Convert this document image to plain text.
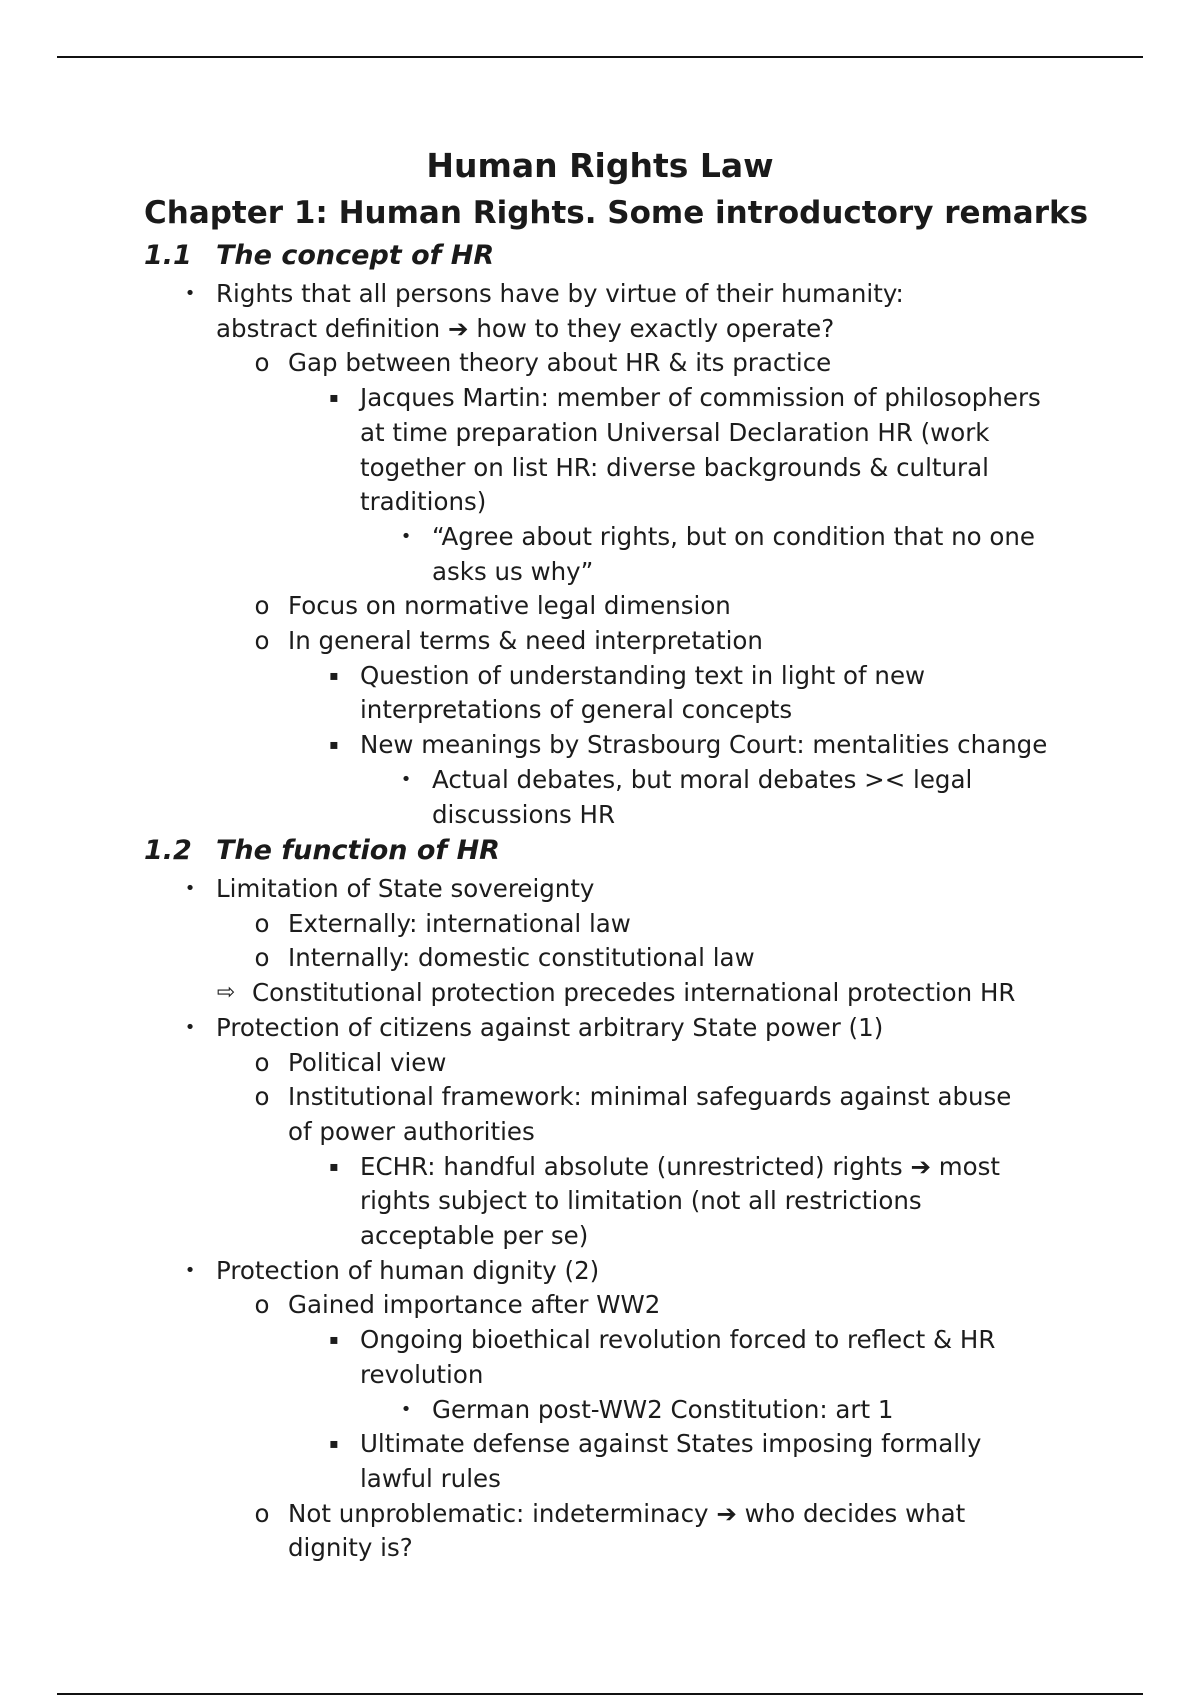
Human Rights Law
Chapter 1: Human Rights. Some introductory remarks
1.1 The concept of HR
• Rights that all persons have by virtue of their humanity: abstract definition ➔ how to they exactly operate?
o Gap between theory about HR & its practice
▪ Jacques Martin: member of commission of philosophers at time preparation Universal Declaration HR (work together on list HR: diverse backgrounds & cultural traditions)
• “Agree about rights, but on condition that no one asks us why”
o Focus on normative legal dimension
o In general terms & need interpretation
▪ Question of understanding text in light of new interpretations of general concepts
▪ New meanings by Strasbourg Court: mentalities change
• Actual debates, but moral debates >< legal discussions HR
1.2 The function of HR
• Limitation of State sovereignty
o Externally: international law
o Internally: domestic constitutional law
⇨ Constitutional protection precedes international protection HR
• Protection of citizens against arbitrary State power (1)
o Political view
o Institutional framework: minimal safeguards against abuse of power authorities
▪ ECHR: handful absolute (unrestricted) rights ➔ most rights subject to limitation (not all restrictions acceptable per se)
• Protection of human dignity (2)
o Gained importance after WW2
▪ Ongoing bioethical revolution forced to reflect & HR revolution
• German post-WW2 Constitution: art 1
▪ Ultimate defense against States imposing formally lawful rules
o Not unproblematic: indeterminacy ➔ who decides what dignity is?
